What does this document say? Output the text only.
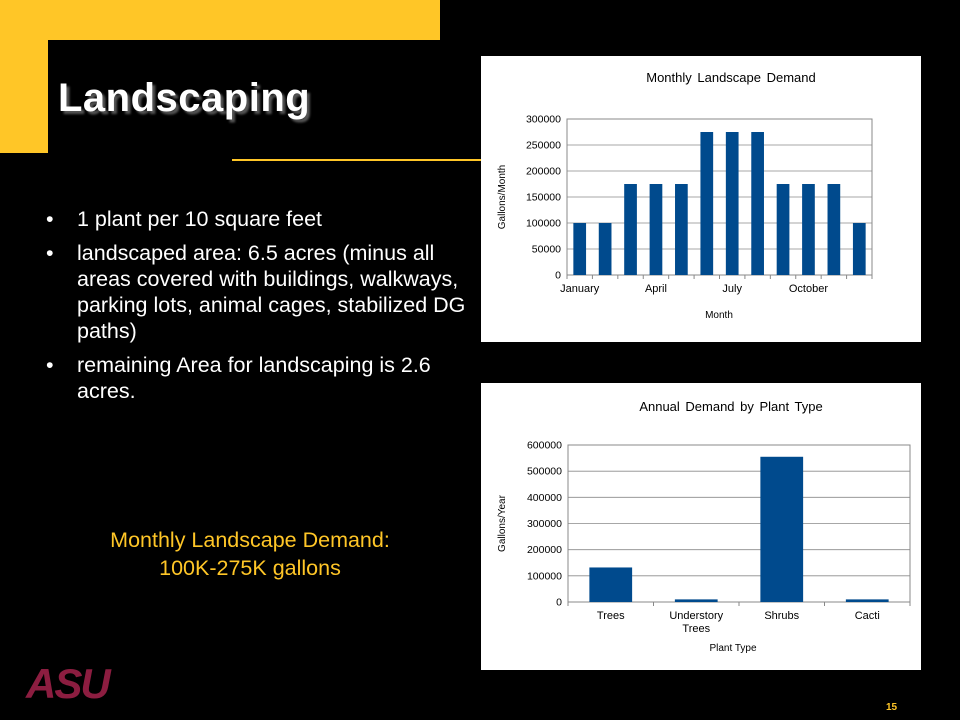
Landscaping
• 1 plant per 10 square feet
• landscaped area: 6.5 acres (minus all areas covered with buildings, walkways, parking lots, animal cages, stabilized DG paths)
• remaining Area for landscaping is 2.6 acres.
Monthly Landscape Demand:
100K-275K gallons
0
50000
100000
150000
200000
250000
300000
January	April	July	October
Monthly Landscape Demand
Month
Gallons/Month
0
100000
200000
300000
400000
500000
600000
Trees	Understory
Trees
Shrubs	Cacti
Annual Demand by Plant Type
Plant Type
Gallons/Year
ASU
15
